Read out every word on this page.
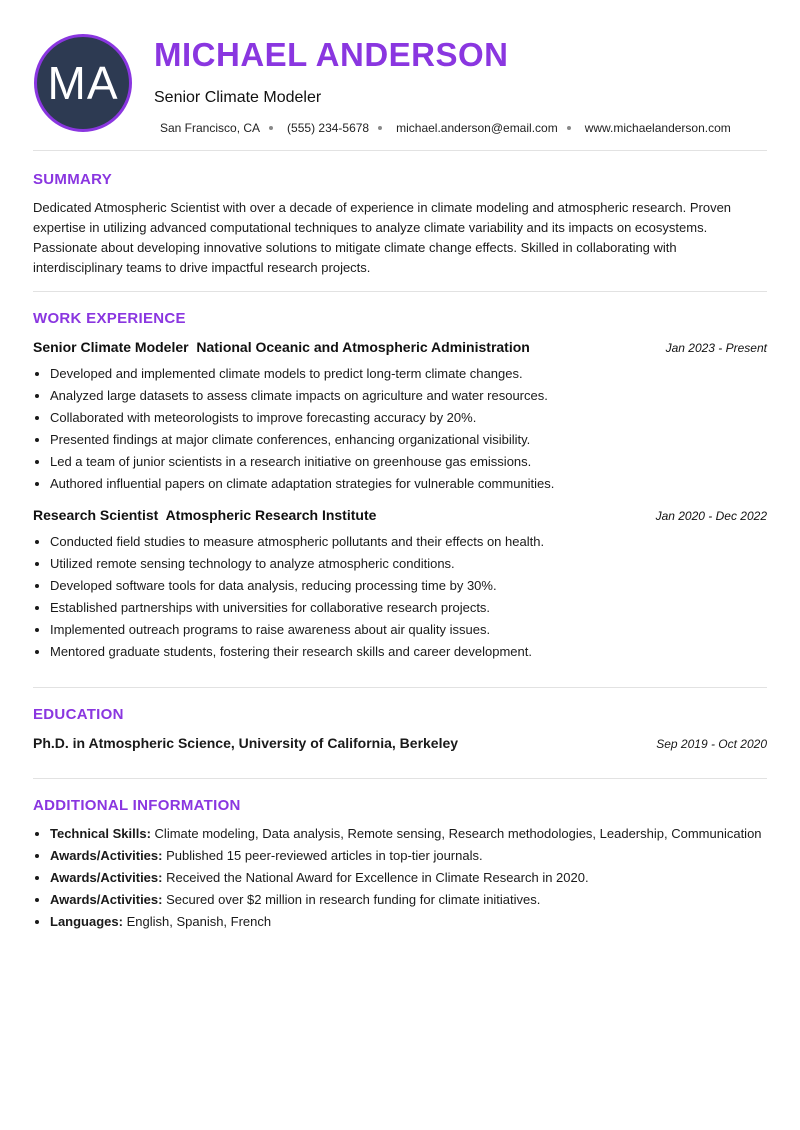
MA
MICHAEL ANDERSON
Senior Climate Modeler
San Francisco, CA (555) 234-5678 michael.anderson@email.com www.michaelanderson.com
SUMMARY

Dedicated Atmospheric Scientist with over a decade of experience in climate modeling and atmospheric research. Proven expertise in utilizing advanced computational techniques to analyze climate variability and its impacts on ecosystems. Passionate about developing innovative solutions to mitigate climate change effects. Skilled in collaborating with interdisciplinary teams to drive impactful research projects.

WORK EXPERIENCE
Senior Climate Modeler National Oceanic and Atmospheric Administration	Jan 2023 - Present
• Developed and implemented climate models to predict long-term climate changes.
• Analyzed large datasets to assess climate impacts on agriculture and water resources.
• Collaborated with meteorologists to improve forecasting accuracy by 20%.
• Presented findings at major climate conferences, enhancing organizational visibility.
• Led a team of junior scientists in a research initiative on greenhouse gas emissions.
• Authored influential papers on climate adaptation strategies for vulnerable communities.
Research Scientist Atmospheric Research Institute	Jan 2020 - Dec 2022
• Conducted field studies to measure atmospheric pollutants and their effects on health.
• Utilized remote sensing technology to analyze atmospheric conditions.
• Developed software tools for data analysis, reducing processing time by 30%.
• Established partnerships with universities for collaborative research projects.
• Implemented outreach programs to raise awareness about air quality issues.
• Mentored graduate students, fostering their research skills and career development.
EDUCATION
Ph.D. in Atmospheric Science, University of California, Berkeley	Sep 2019 - Oct 2020
ADDITIONAL INFORMATION
• Technical Skills: Climate modeling, Data analysis, Remote sensing, Research methodologies, Leadership, Communication
• Awards/Activities: Published 15 peer-reviewed articles in top-tier journals.
• Awards/Activities: Received the National Award for Excellence in Climate Research in 2020.
• Awards/Activities: Secured over $2 million in research funding for climate initiatives.
• Languages: English, Spanish, French
